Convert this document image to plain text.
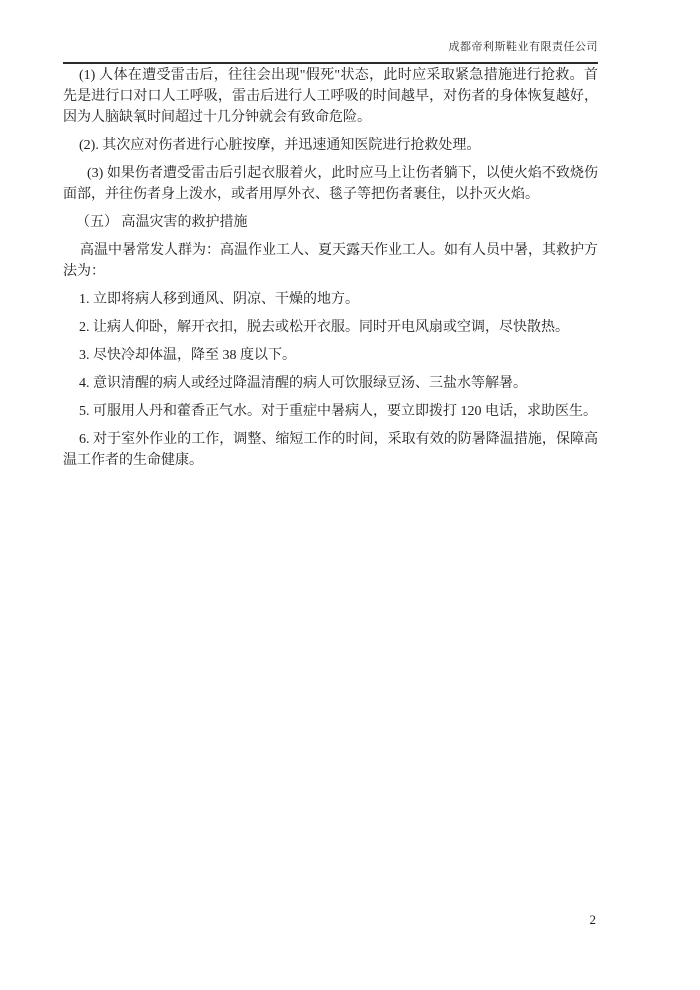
成都帝利斯鞋业有限责任公司

(1) 人体在遭受雷击后，往往会出现"假死"状态，此时应采取紧急措施进行抢救。首先是进行口对口人工呼吸，雷击后进行人工呼吸的时间越早，对伤者的身体恢复越好，因为人脑缺氧时间超过十几分钟就会有致命危险。

(2). 其次应对伤者进行心脏按摩，并迅速通知医院进行抢救处理。

(3) 如果伤者遭受雷击后引起衣服着火，此时应马上让伤者躺下，以使火焰不致烧伤面部，并往伤者身上泼水，或者用厚外衣、毯子等把伤者裹住，以扑灭火焰。

（五） 高温灾害的救护措施

高温中暑常发人群为：高温作业工人、夏天露天作业工人。如有人员中暑，其救护方法为：

1. 立即将病人移到通风、阴凉、干燥的地方。

2. 让病人仰卧，解开衣扣，脱去或松开衣服。同时开电风扇或空调，尽快散热。

3. 尽快冷却体温，降至 38 度以下。

4. 意识清醒的病人或经过降温清醒的病人可饮服绿豆汤、三盐水等解暑。

5. 可服用人丹和藿香正气水。对于重症中暑病人，要立即拨打 120 电话，求助医生。

6. 对于室外作业的工作，调整、缩短工作的时间，采取有效的防暑降温措施，保障高温工作者的生命健康。

2
